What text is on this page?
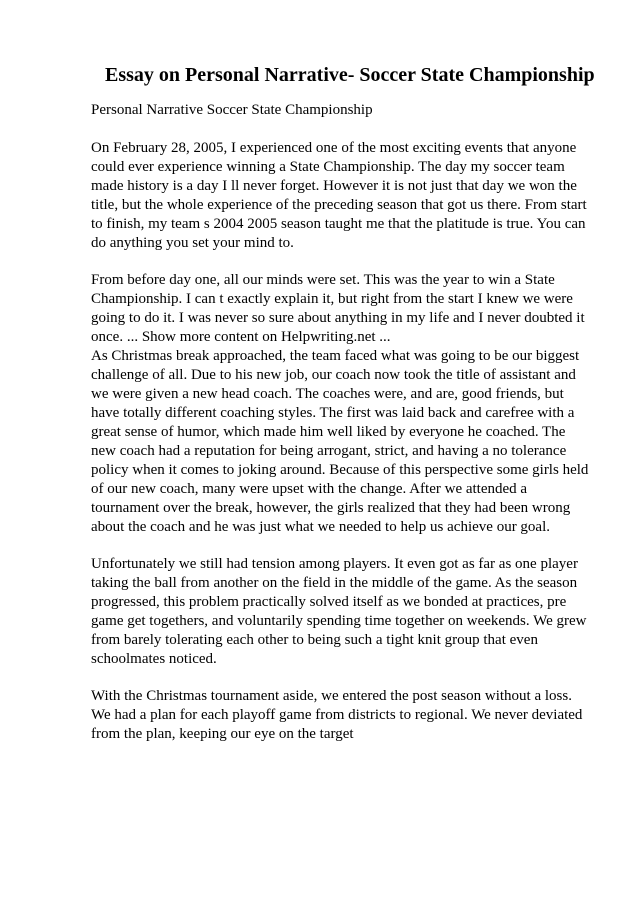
Essay on Personal Narrative- Soccer State Championship

Personal Narrative Soccer State Championship

On February 28, 2005, I experienced one of the most exciting events that anyone could ever experience winning a State Championship. The day my soccer team made history is a day I ll never forget. However it is not just that day we won the title, but the whole experience of the preceding season that got us there. From start to finish, my team s 2004 2005 season taught me that the platitude is true. You can do anything you set your mind to.

From before day one, all our minds were set. This was the year to win a State Championship. I can t exactly explain it, but right from the start I knew we were going to do it. I was never so sure about anything in my life and I never doubted it once. ... Show more content on Helpwriting.net ...

As Christmas break approached, the team faced what was going to be our biggest challenge of all. Due to his new job, our coach now took the title of assistant and we were given a new head coach. The coaches were, and are, good friends, but have totally different coaching styles. The first was laid back and carefree with a great sense of humor, which made him well liked by everyone he coached. The new coach had a reputation for being arrogant, strict, and having a no tolerance policy when it comes to joking around. Because of this perspective some girls held of our new coach, many were upset with the change. After we attended a tournament over the break, however, the girls realized that they had been wrong about the coach and he was just what we needed to help us achieve our goal.

Unfortunately we still had tension among players. It even got as far as one player taking the ball from another on the field in the middle of the game. As the season progressed, this problem practically solved itself as we bonded at practices, pre game get togethers, and voluntarily spending time together on weekends. We grew from barely tolerating each other to being such a tight knit group that even schoolmates noticed.

With the Christmas tournament aside, we entered the post season without a loss. We had a plan for each playoff game from districts to regional. We never deviated from the plan, keeping our eye on the target
